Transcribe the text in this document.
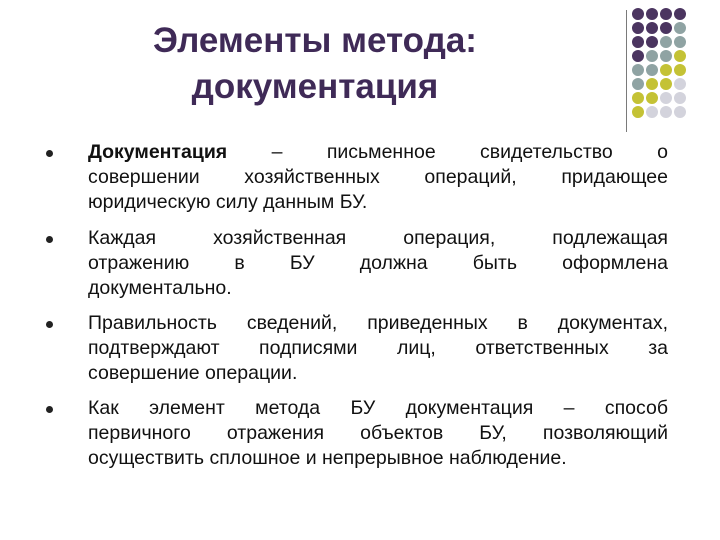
Элементы метода:
документация
Документация – письменное свидетельство о
совершении хозяйственных операций, придающее
юридическую силу данным БУ.
Каждая хозяйственная операция, подлежащая
отражению в БУ должна быть оформлена
документально.
Правильность сведений, приведенных в документах,
подтверждают подписями лиц, ответственных за
совершение операции.
Как элемент метода БУ документация – способ
первичного отражения объектов БУ, позволяющий
осуществить сплошное и непрерывное наблюдение.
